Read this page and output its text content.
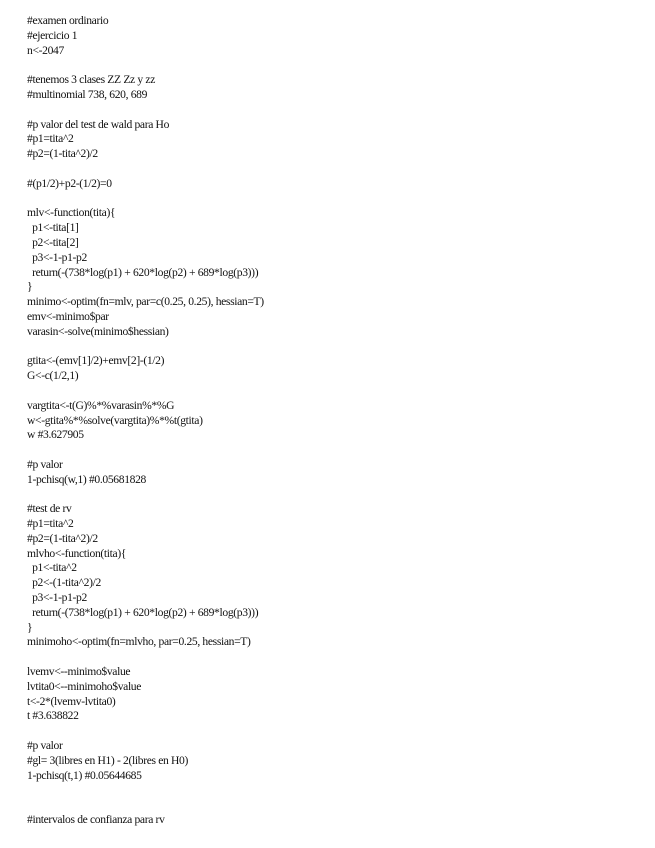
#examen ordinario
#ejercicio 1
n<-2047
#tenemos 3 clases ZZ Zz y zz
#multinomial 738, 620, 689
#p valor del test de wald para Ho
#p1=tita^2
#p2=(1-tita^2)/2
#(p1/2)+p2-(1/2)=0
mlv<-function(tita){
p1<-tita[1]
p2<-tita[2]
p3<-1-p1-p2
return(-(738*log(p1) + 620*log(p2) + 689*log(p3)))
}
minimo<-optim(fn=mlv, par=c(0.25, 0.25), hessian=T)
emv<-minimo$par
varasin<-solve(minimo$hessian)
gtita<-(emv[1]/2)+emv[2]-(1/2)
G<-c(1/2,1)
vargtita<-t(G)%*%varasin%*%G
w<-gtita%*%solve(vargtita)%*%t(gtita)
w #3.627905
#p valor
1-pchisq(w,1) #0.05681828
#test de rv
#p1=tita^2
#p2=(1-tita^2)/2
mlvho<-function(tita){
p1<-tita^2
p2<-(1-tita^2)/2
p3<-1-p1-p2
return(-(738*log(p1) + 620*log(p2) + 689*log(p3)))
}
minimoho<-optim(fn=mlvho, par=0.25, hessian=T)
lvemv<--minimo$value
lvtita0<--minimoho$value
t<-2*(lvemv-lvtita0)
t #3.638822
#p valor
#gl= 3(libres en H1) - 2(libres en H0)
1-pchisq(t,1) #0.05644685
#intervalos de confianza para rv
